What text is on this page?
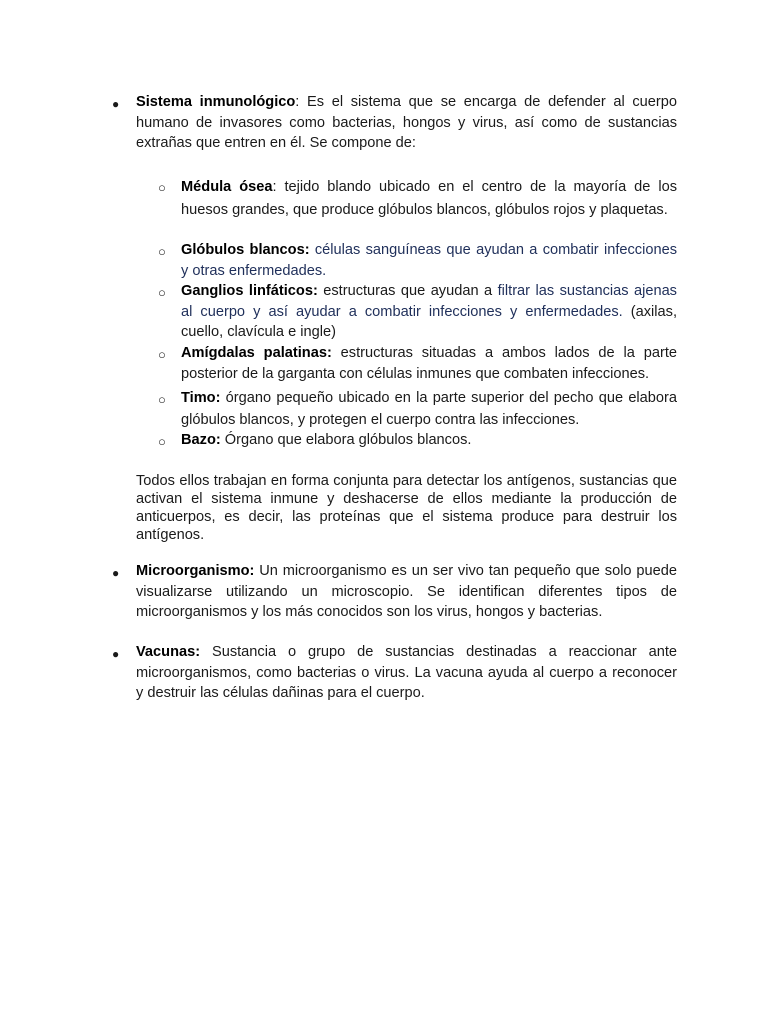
● Sistema inmunológico: Es el sistema que se encarga de defender al cuerpo humano de invasores como bacterias, hongos y virus, así como de sustancias extrañas que entren en él. Se compone de:

○ Médula ósea: tejido blando ubicado en el centro de la mayoría de los huesos grandes, que produce glóbulos blancos, glóbulos rojos y plaquetas.

○ Glóbulos blancos: células sanguíneas que ayudan a combatir infecciones y otras enfermedades.

○ Ganglios linfáticos: estructuras que ayudan a filtrar las sustancias ajenas al cuerpo y así ayudar a combatir infecciones y enfermedades. (axilas, cuello, clavícula e ingle)

○ Amígdalas palatinas: estructuras situadas a ambos lados de la parte posterior de la garganta con células inmunes que combaten infecciones.

○ Timo: órgano pequeño ubicado en la parte superior del pecho que elabora glóbulos blancos, y protegen el cuerpo contra las infecciones.

○ Bazo: Órgano que elabora glóbulos blancos.

Todos ellos trabajan en forma conjunta para detectar los antígenos, sustancias que activan el sistema inmune y deshacerse de ellos mediante la producción de anticuerpos, es decir, las proteínas que el sistema produce para destruir los antígenos.

● Microorganismo: Un microorganismo es un ser vivo tan pequeño que solo puede visualizarse utilizando un microscopio. Se identifican diferentes tipos de microorganismos y los más conocidos son los virus, hongos y bacterias.

● Vacunas: Sustancia o grupo de sustancias destinadas a reaccionar ante microorganismos, como bacterias o virus. La vacuna ayuda al cuerpo a reconocer y destruir las células dañinas para el cuerpo.
